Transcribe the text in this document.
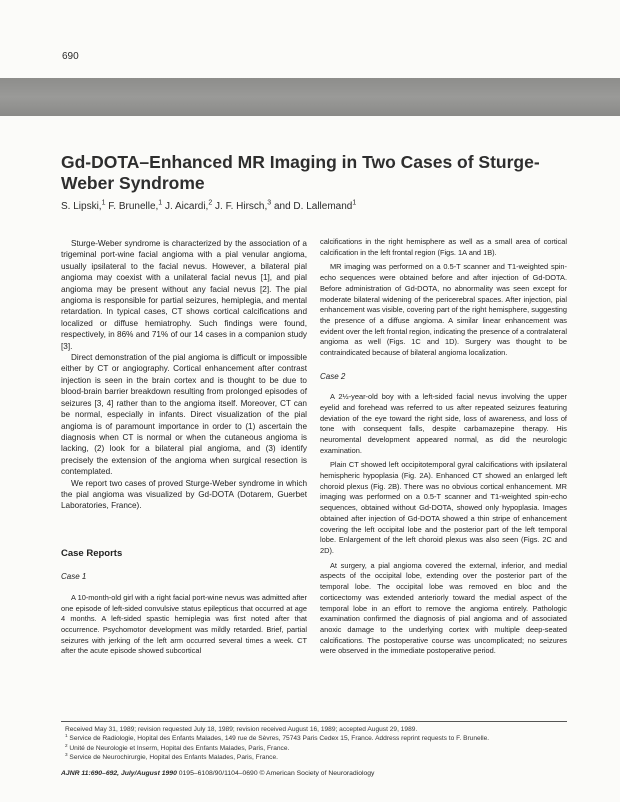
690
Gd-DOTA–Enhanced MR Imaging in Two Cases of Sturge-Weber Syndrome
S. Lipski,$^1$ F. Brunelle,$^1$ J. Aicardi,$^2$ J. F. Hirsch,$^3$ and D. Lallemand$^1$

Sturge-Weber syndrome is characterized by the association of a trigeminal port-wine facial angioma with a pial venular angioma, usually ipsilateral to the facial nevus. However, a bilateral pial angioma may coexist with a unilateral facial nevus [1], and pial angioma may be present without any facial nevus [2]. The pial angioma is responsible for partial seizures, hemiplegia, and mental retardation. In typical cases, CT shows cortical calcifications and localized or diffuse hemiatrophy. Such findings were found, respectively, in 86% and 71% of our 14 cases in a companion study [3].

Direct demonstration of the pial angioma is difficult or impossible either by CT or angiography. Cortical enhancement after contrast injection is seen in the brain cortex and is thought to be due to blood-brain barrier breakdown resulting from prolonged episodes of seizures [3, 4] rather than to the angioma itself. Moreover, CT can be normal, especially in infants. Direct visualization of the pial angioma is of paramount importance in order to (1) ascertain the diagnosis when CT is normal or when the cutaneous angioma is lacking, (2) look for a bilateral pial angioma, and (3) identify precisely the extension of the angioma when surgical resection is contemplated.

We report two cases of proved Sturge-Weber syndrome in which the pial angioma was visualized by Gd-DOTA (Dotarem, Guerbet Laboratories, France).

Case Reports
Case 1

A 10-month-old girl with a right facial port-wine nevus was admitted after one episode of left-sided convulsive status epilepticus that occurred at age 4 months. A left-sided spastic hemiplegia was first noted after that occurrence. Psychomotor development was mildly retarded. Brief, partial seizures with jerking of the left arm occurred several times a week. CT after the acute episode showed subcortical

calcifications in the right hemisphere as well as a small area of cortical calcification in the left frontal region (Figs. 1A and 1B).

MR imaging was performed on a 0.5-T scanner and T1-weighted spin-echo sequences were obtained before and after injection of Gd-DOTA. Before administration of Gd-DOTA, no abnormality was seen except for moderate bilateral widening of the pericerebral spaces. After injection, pial enhancement was visible, covering part of the right hemisphere, suggesting the presence of a diffuse angioma. A similar linear enhancement was evident over the left frontal region, indicating the presence of a contralateral angioma as well (Figs. 1C and 1D). Surgery was thought to be contraindicated because of bilateral angioma localization.

Case 2

A 2½-year-old boy with a left-sided facial nevus involving the upper eyelid and forehead was referred to us after repeated seizures featuring deviation of the eye toward the right side, loss of awareness, and loss of tone with consequent falls, despite carbamazepine therapy. His neuromental development appeared normal, as did the neurologic examination.

Plain CT showed left occipitotemporal gyral calcifications with ipsilateral hemispheric hypoplasia (Fig. 2A). Enhanced CT showed an enlarged left choroid plexus (Fig. 2B). There was no obvious cortical enhancement. MR imaging was performed on a 0.5-T scanner and T1-weighted spin-echo sequences, obtained without Gd-DOTA, showed only hypoplasia. Images obtained after injection of Gd-DOTA showed a thin stripe of enhancement covering the left occipital lobe and the posterior part of the left temporal lobe. Enlargement of the left choroid plexus was also seen (Figs. 2C and 2D).

At surgery, a pial angioma covered the external, inferior, and medial aspects of the occipital lobe, extending over the posterior part of the temporal lobe. The occipital lobe was removed en bloc and the corticectomy was extended anteriorly toward the medial aspect of the temporal lobe in an effort to remove the angioma entirely. Pathologic examination confirmed the diagnosis of pial angioma and of associated anoxic damage to the underlying cortex with multiple deep-seated calcifications. The postoperative course was uncomplicated; no seizures were observed in the immediate postoperative period.

Received May 31, 1989; revision requested July 18, 1989; revision received August 16, 1989; accepted August 29, 1989.
$^1$ Service de Radiologie, Hopital des Enfants Malades, 149 rue de Sèvres, 75743 Paris Cedex 15, France. Address reprint requests to F. Brunelle.
$^2$ Unité de Neurologie et Inserm, Hopital des Enfants Malades, Paris, France.
$^3$ Service de Neurochirurgie, Hopital des Enfants Malades, Paris, France.
AJNR 11:690–692, July/August 1990 0195–6108/90/1104–0690 © American Society of Neuroradiology
